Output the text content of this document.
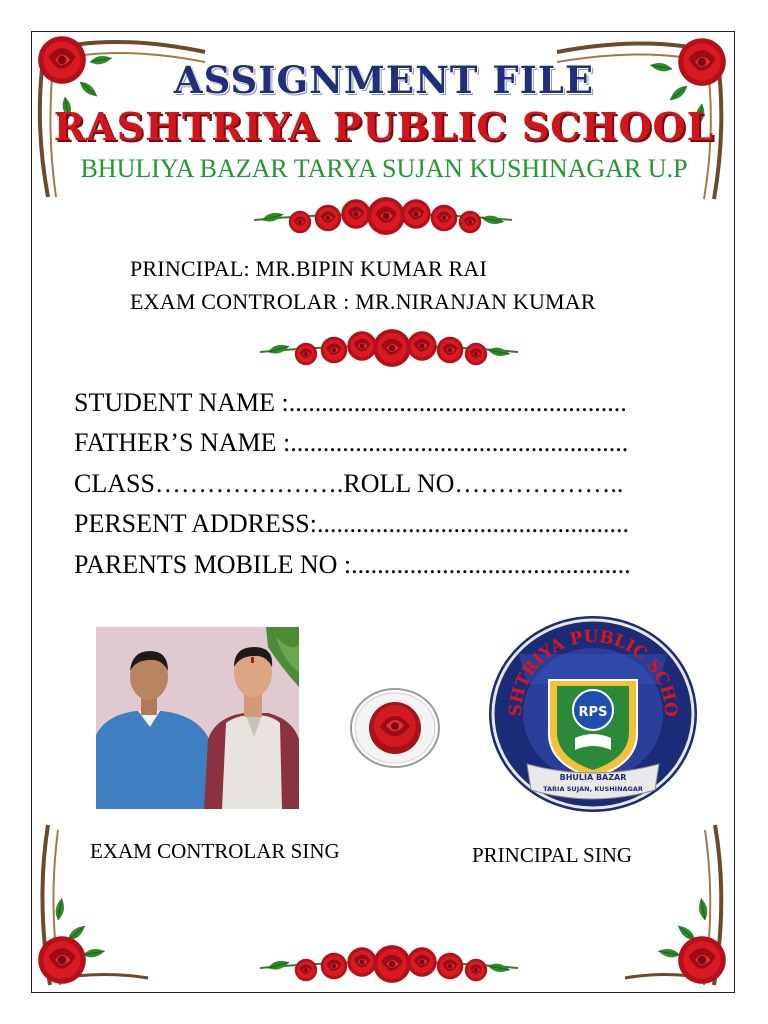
ASSIGNMENT FILE
RASHTRIYA PUBLIC SCHOOL
BHULIYA BAZAR TARYA SUJAN KUSHINAGAR U.P
PRINCIPAL: MR.BIPIN KUMAR RAI
EXAM CONTROLAR : MR.NIRANJAN KUMAR
STUDENT NAME :....................................................
FATHER’S NAME :....................................................
CLASS………………….ROLL NO………………..
PERSENT ADDRESS:................................................
PARENTS MOBILE NO :...........................................
SHTRIYA PUBLIC SCHO
RPS
BHULIA BAZAR
TARIA SUJAN, KUSHINAGAR
EXAM CONTROLAR SING	PRINCIPAL SING
